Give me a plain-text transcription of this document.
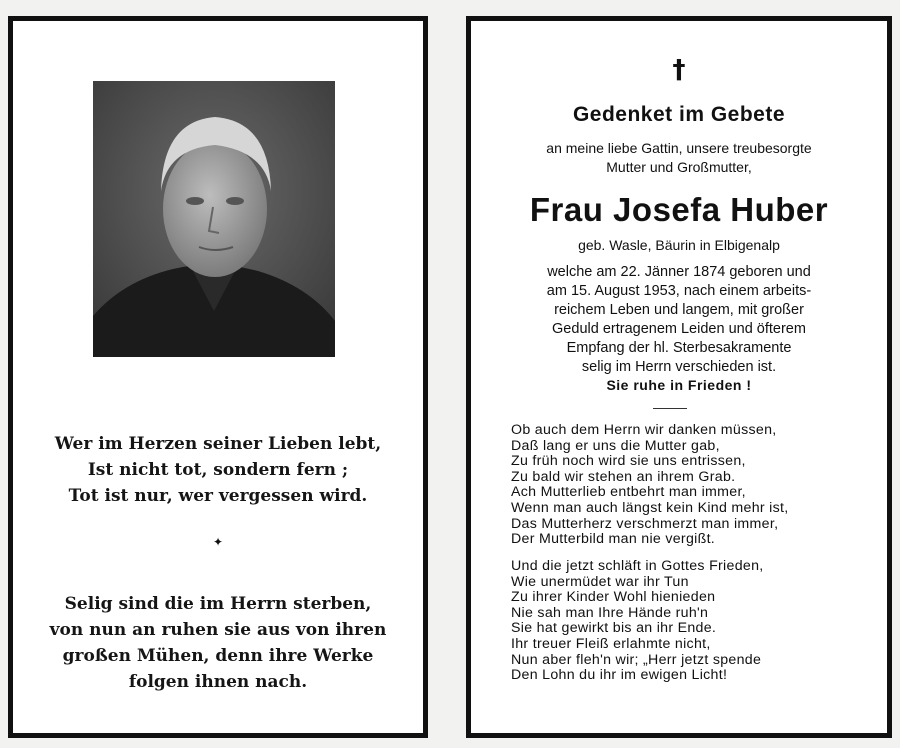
Wer im Herzen seiner Lieben lebt,
Ist nicht tot, sondern fern ;
Tot ist nur, wer vergessen wird.
✦
Selig sind die im Herrn sterben,
von nun an ruhen sie aus von ihren
großen Mühen, denn ihre Werke
folgen ihnen nach.
†
Gedenket im Gebete
an meine liebe Gattin, unsere treubesorgte
Mutter und Großmutter,
Frau Josefa Huber
geb. Wasle, Bäurin in Elbigenalp
welche am 22. Jänner 1874 geboren und
am 15. August 1953, nach einem arbeits-
reichem Leben und langem, mit großer
Geduld ertragenem Leiden und öfterem
Empfang der hl. Sterbesakramente
selig im Herrn verschieden ist.
Sie ruhe in Frieden !
Ob auch dem Herrn wir danken müssen,
Daß lang er uns die Mutter gab,
Zu früh noch wird sie uns entrissen,
Zu bald wir stehen an ihrem Grab.
Ach Mutterlieb entbehrt man immer,
Wenn man auch längst kein Kind mehr ist,
Das Mutterherz verschmerzt man immer,
Der Mutterbild man nie vergißt.
Und die jetzt schläft in Gottes Frieden,
Wie unermüdet war ihr Tun
Zu ihrer Kinder Wohl hienieden
Nie sah man Ihre Hände ruh'n
Sie hat gewirkt bis an ihr Ende.
Ihr treuer Fleiß erlahmte nicht,
Nun aber fleh'n wir; „Herr jetzt spende
Den Lohn du ihr im ewigen Licht!
